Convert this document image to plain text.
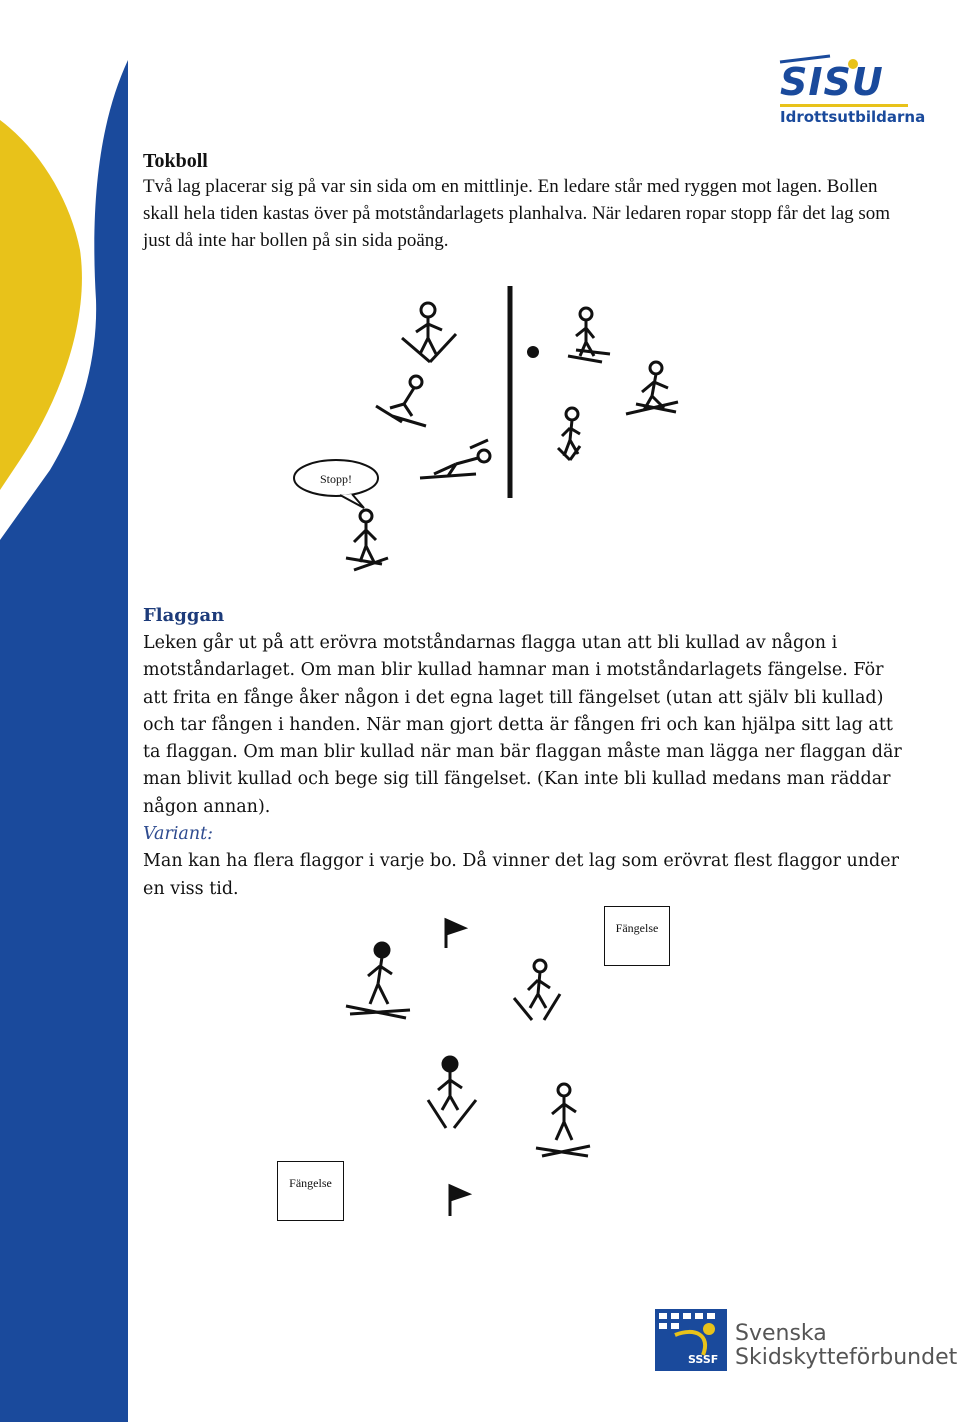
SISU
Idrottsutbildarna
Tokboll
Två lag placerar sig på var sin sida om en mittlinje. En ledare står med ryggen mot lagen. Bollen skall hela tiden kastas över på motståndarlagets planhalva. När ledaren ropar stopp får det lag som just då inte har bollen på sin sida poäng.
Stopp!
Flaggan
Leken går ut på att erövra motståndarnas flagga utan att bli kullad av någon i motståndarlaget. Om man blir kullad hamnar man i motståndarlagets fängelse. För att frita en fånge åker någon i det egna laget till fängelset (utan att själv bli kullad) och tar fången i handen. När man gjort detta är fången fri och kan hjälpa sitt lag att ta flaggan. Om man blir kullad när man bär flaggan måste man lägga ner flaggan där man blivit kullad och bege sig till fängelset. (Kan inte bli kullad medans man räddar någon annan).
Variant:
Man kan ha flera flaggor i varje bo. Då vinner det lag som erövrat flest flaggor under en viss tid.
Fängelse
Fängelse
SSSF
Svenska
Skidskytteförbundet
